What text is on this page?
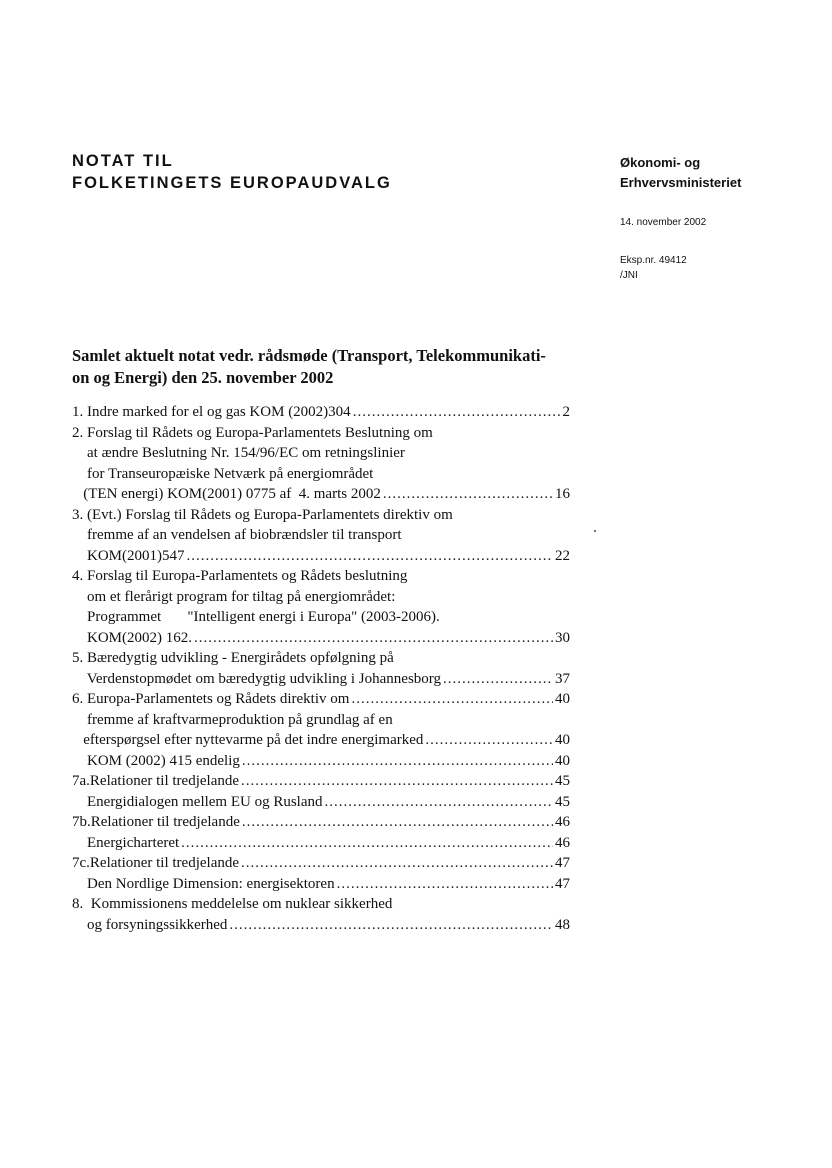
NOTAT TIL
FOLKETINGETS EUROPAUDVALG
Økonomi- og
Erhvervsministeriet
14. november 2002
Eksp.nr. 49412
/JNI
Samlet aktuelt notat vedr. rådsmøde (Transport, Telekommunikati-
on og Energi) den 25. november 2002
1. Indre marked for el og gas KOM (2002)304 .....	2
2. Forslag til Rådets og Europa-Parlamentets Beslutning om
at ændre Beslutning Nr. 154/96/EC om retningslinier
for Transeuropæiske Netværk på energiområdet
(TEN energi) KOM(2001) 0775 af  4. marts 2002 .....	16
3. (Evt.) Forslag til Rådets og Europa-Parlamentets direktiv om
fremme af an vendelsen af biobrændsler til transport
KOM(2001)547 .....	22
4. Forslag til Europa-Parlamentets og Rådets beslutning
om et flerårigt program for tiltag på energiområdet:
Programmet       "Intelligent energi i Europa" (2003-2006).
KOM(2002) 162. .....	30
5. Bæredygtig udvikling - Energirådets opfølgning på
Verdenstopmødet om bæredygtig udvikling i Johannesborg .....	37
6. Europa-Parlamentets og Rådets direktiv om .....	40
fremme af kraftvarmeproduktion på grundlag af en
efterspørgsel efter nyttevarme på det indre energimarked .....	40
KOM (2002) 415 endelig .....	40
7a.Relationer til tredjelande .....	45
Energidialogen mellem EU og Rusland .....	45
7b.Relationer til tredjelande .....	46
Energicharteret .....	46
7c.Relationer til tredjelande .....	47
Den Nordlige Dimension: energisektoren .....	47
8.  Kommissionens meddelelse om nuklear sikkerhed
og forsyningssikkerhed .....	48
